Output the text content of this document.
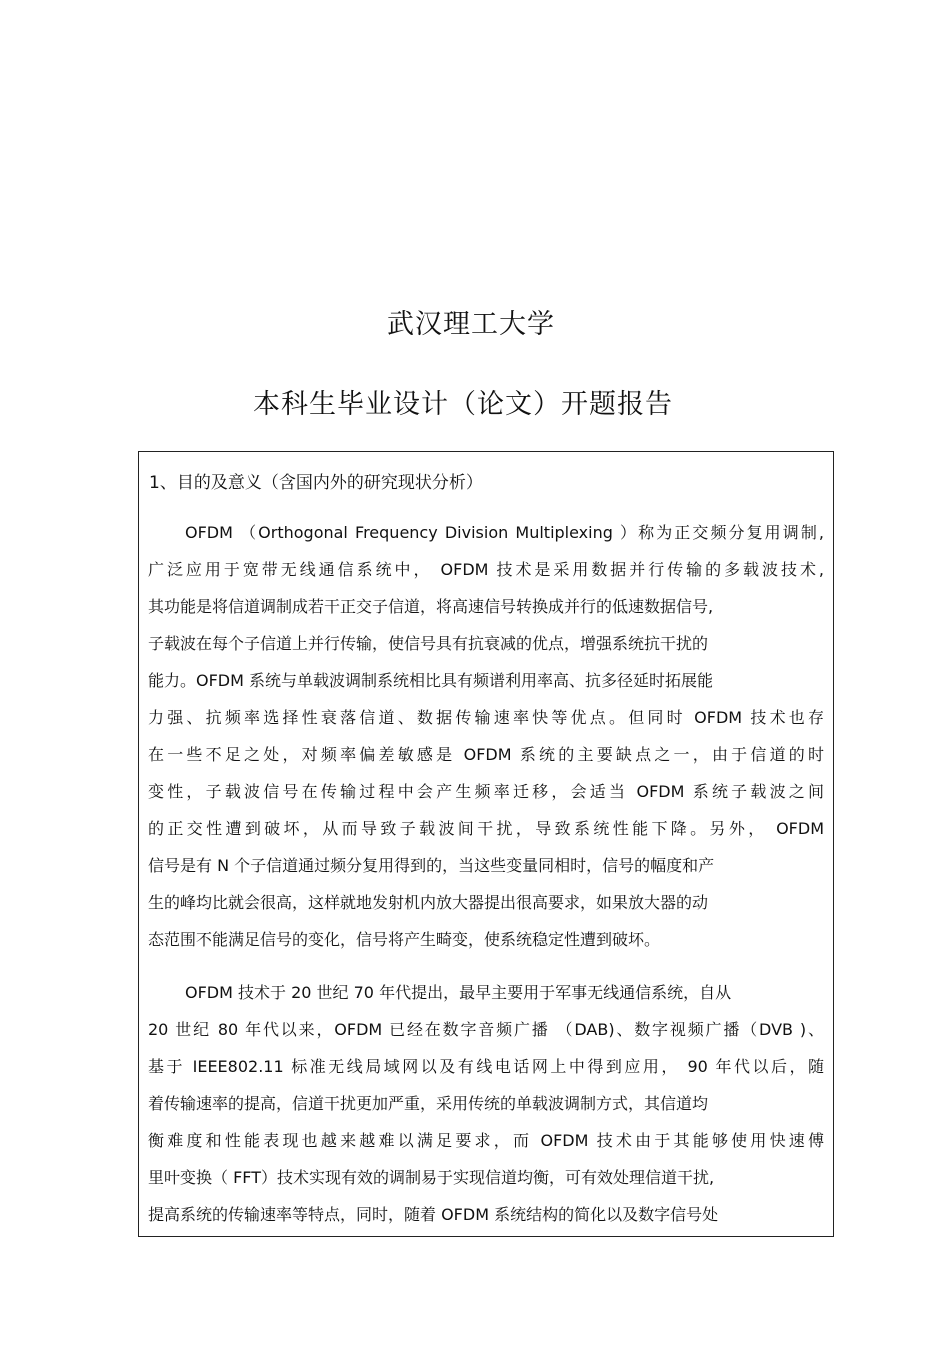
武汉理工大学
本科生毕业设计（论文）开题报告
1、目的及意义（含国内外的研究现状分析）
OFDM （Orthogonal Frequency Division Multiplexing ）称为正交频分复用调制,
广泛应用于宽带无线通信系统中， OFDM 技术是采用数据并行传输的多载波技术,
其功能是将信道调制成若干正交子信道，将高速信号转换成并行的低速数据信号,
子载波在每个子信道上并行传输，使信号具有抗衰减的优点，增强系统抗干扰的
能力。OFDM 系统与单载波调制系统相比具有频谱利用率高、抗多径延时拓展能
力强、抗频率选择性衰落信道、数据传输速率快等优点。但同时 OFDM 技术也存
在一些不足之处，对频率偏差敏感是 OFDM 系统的主要缺点之一，由于信道的时
变性，子载波信号在传输过程中会产生频率迁移，会适当 OFDM 系统子载波之间
的正交性遭到破坏，从而导致子载波间干扰，导致系统性能下降。另外， OFDM
信号是有 N 个子信道通过频分复用得到的，当这些变量同相时，信号的幅度和产
生的峰均比就会很高，这样就地发射机内放大器提出很高要求，如果放大器的动
态范围不能满足信号的变化，信号将产生畸变，使系统稳定性遭到破坏。
OFDM 技术于 20 世纪 70 年代提出，最早主要用于军事无线通信系统，自从
20 世纪 80 年代以来，OFDM 已经在数字音频广播 （DAB)、数字视频广播（DVB )、
基于 IEEE802.11 标准无线局域网以及有线电话网上中得到应用， 90 年代以后，随
着传输速率的提高，信道干扰更加严重，采用传统的单载波调制方式，其信道均
衡难度和性能表现也越来越难以满足要求，而 OFDM 技术由于其能够使用快速傅
里叶变换（ FFT）技术实现有效的调制易于实现信道均衡，可有效处理信道干扰,
提高系统的传输速率等特点，同时，随着 OFDM 系统结构的简化以及数字信号处
